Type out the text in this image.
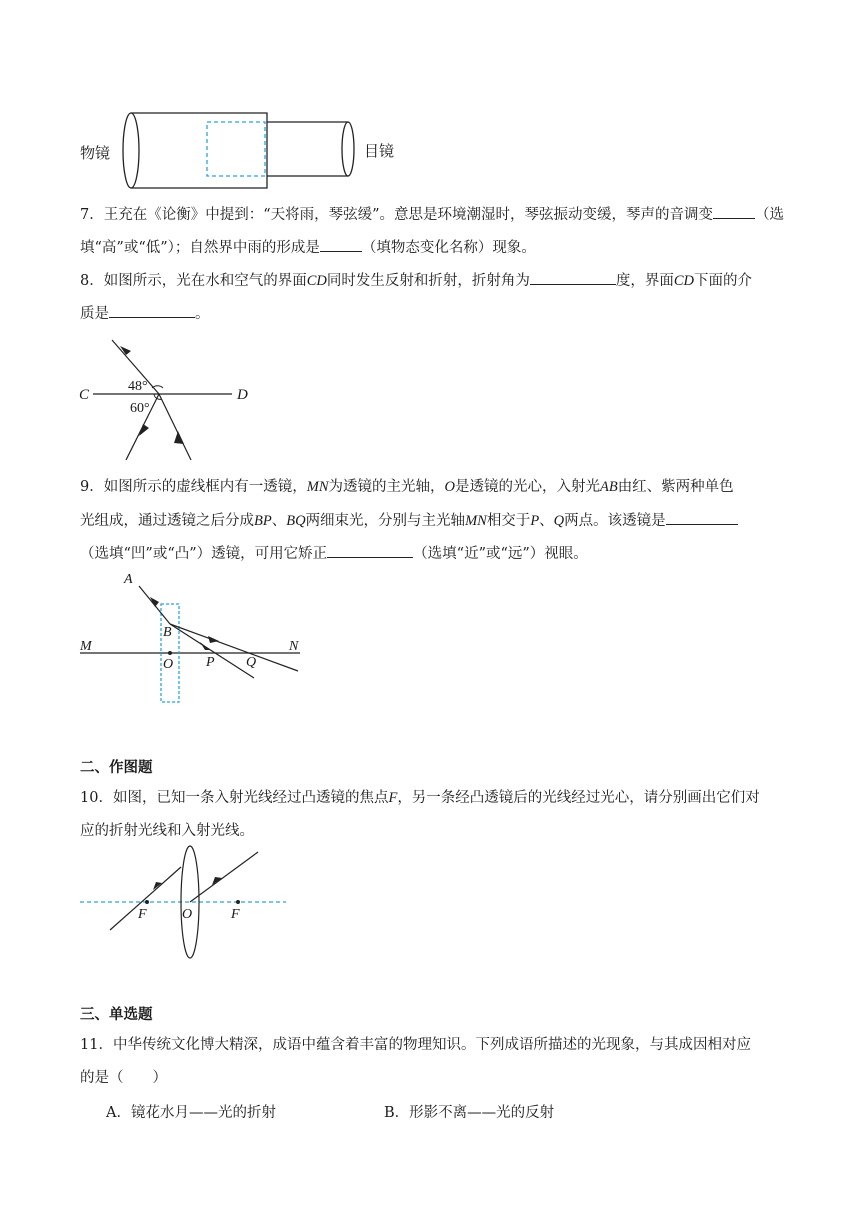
物镜	目镜
7．王充在《论衡》中提到：“天将雨，琴弦缓”。意思是环境潮湿时，琴弦振动变缓，琴声的音调变	（选
填“高”或“低”）；自然界中雨的形成是	（填物态变化名称）现象。
8．如图所示，光在水和空气的界面CD同时发生反射和折射，折射角为	度，界面CD下面的介
质是	。
C	D
48°
60°
9．如图所示的虚线框内有一透镜，MN为透镜的主光轴，O是透镜的光心，入射光AB由红、紫两种单色
光组成，通过透镜之后分成BP、BQ两细束光，分别与主光轴MN相交于P、Q两点。该透镜是
（选填“凹”或“凸”）透镜，可用它矫正	（选填“近”或“远”）视眼。
A
B
M	N
O P Q
二、作图题
10．如图，已知一条入射光线经过凸透镜的焦点F，另一条经凸透镜后的光线经过光心，请分别画出它们对
应的折射光线和入射光线。
F	O	F
三、单选题
11．中华传统文化博大精深，成语中蕴含着丰富的物理知识。下列成语所描述的光现象，与其成因相对应
的是（　　）
A．镜花水月——光的折射	B．形影不离——光的反射
